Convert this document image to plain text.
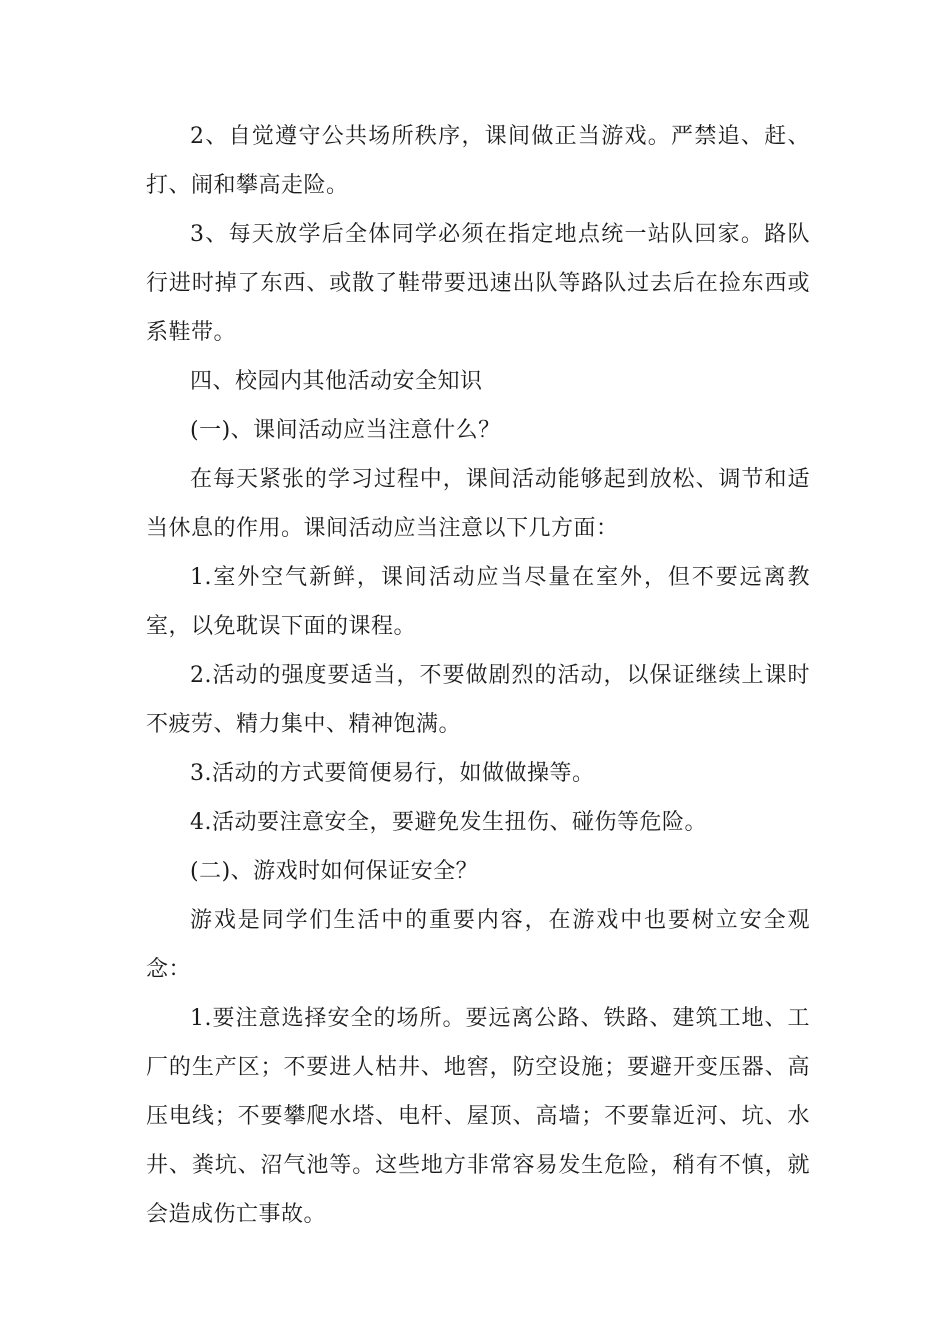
2、自觉遵守公共场所秩序，课间做正当游戏。严禁追、赶、打、闹和攀高走险。

3、每天放学后全体同学必须在指定地点统一站队回家。路队行进时掉了东西、或散了鞋带要迅速出队等路队过去后在捡东西或系鞋带。

四、校园内其他活动安全知识

(一)、课间活动应当注意什么？

在每天紧张的学习过程中，课间活动能够起到放松、调节和适当休息的作用。课间活动应当注意以下几方面：

1.室外空气新鲜，课间活动应当尽量在室外，但不要远离教室，以免耽误下面的课程。

2.活动的强度要适当，不要做剧烈的活动，以保证继续上课时不疲劳、精力集中、精神饱满。

3.活动的方式要简便易行，如做做操等。

4.活动要注意安全，要避免发生扭伤、碰伤等危险。

(二)、游戏时如何保证安全？

游戏是同学们生活中的重要内容，在游戏中也要树立安全观念：

1.要注意选择安全的场所。要远离公路、铁路、建筑工地、工厂的生产区；不要进人枯井、地窖，防空设施；要避开变压器、高压电线；不要攀爬水塔、电杆、屋顶、高墙；不要靠近河、坑、水井、粪坑、沼气池等。这些地方非常容易发生危险，稍有不慎，就会造成伤亡事故。
